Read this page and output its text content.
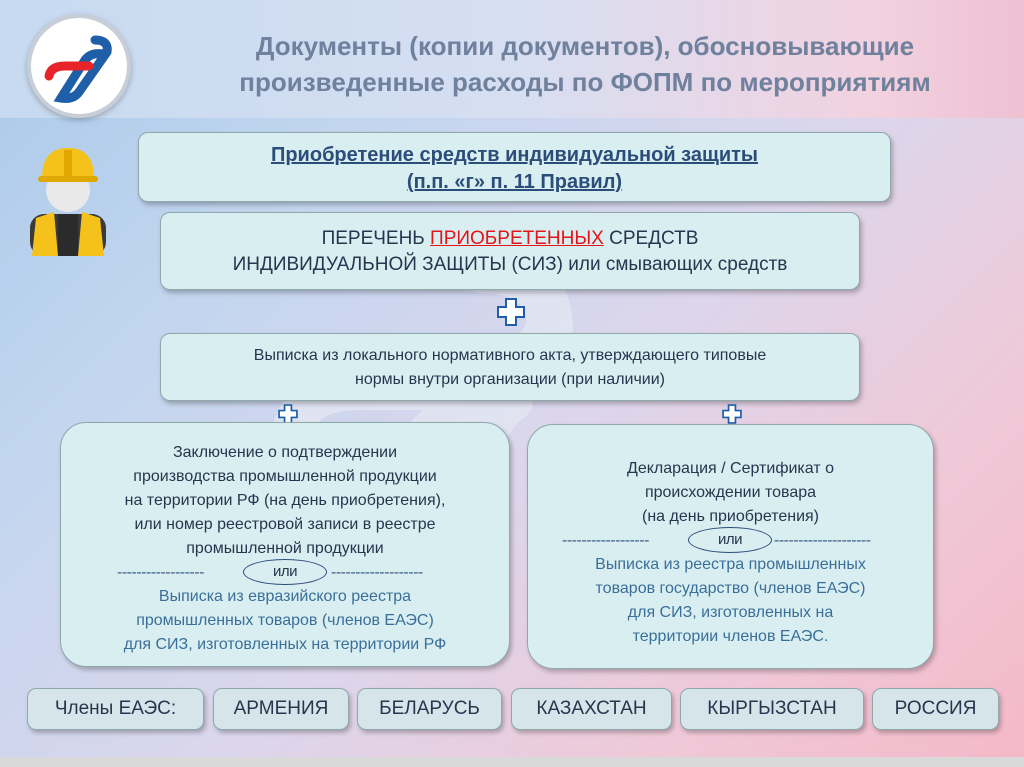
Документы (копии документов), обосновывающие
произведенные расходы по ФОПМ по мероприятиям
Приобретение средств индивидуальной защиты
(п.п. «г» п. 11 Правил)
ПЕРЕЧЕНЬ ПРИОБРЕТЕННЫХ СРЕДСТВ
ИНДИВИДУАЛЬНОЙ ЗАЩИТЫ (СИЗ) или смывающих средств
Выписка из локального нормативного акта, утверждающего типовые
нормы внутри организации (при наличии)
Заключение о подтверждении
производства промышленной продукции
на территории РФ (на день приобретения),
или номер реестровой записи в реестре
промышленной продукции
------------------	или	-------------------
Выписка из евразийского реестра
промышленных товаров (членов ЕАЭС)
для СИЗ, изготовленных на территории РФ
Декларация / Сертификат о
происхождении товара
(на день приобретения)
------------------	или	--------------------
Выписка из реестра промышленных
товаров государство (членов ЕАЭС)
для СИЗ, изготовленных на
территории членов ЕАЭС.
Члены ЕАЭС:	АРМЕНИЯ	БЕЛАРУСЬ	КАЗАХСТАН	КЫРГЫЗСТАН	РОССИЯ
